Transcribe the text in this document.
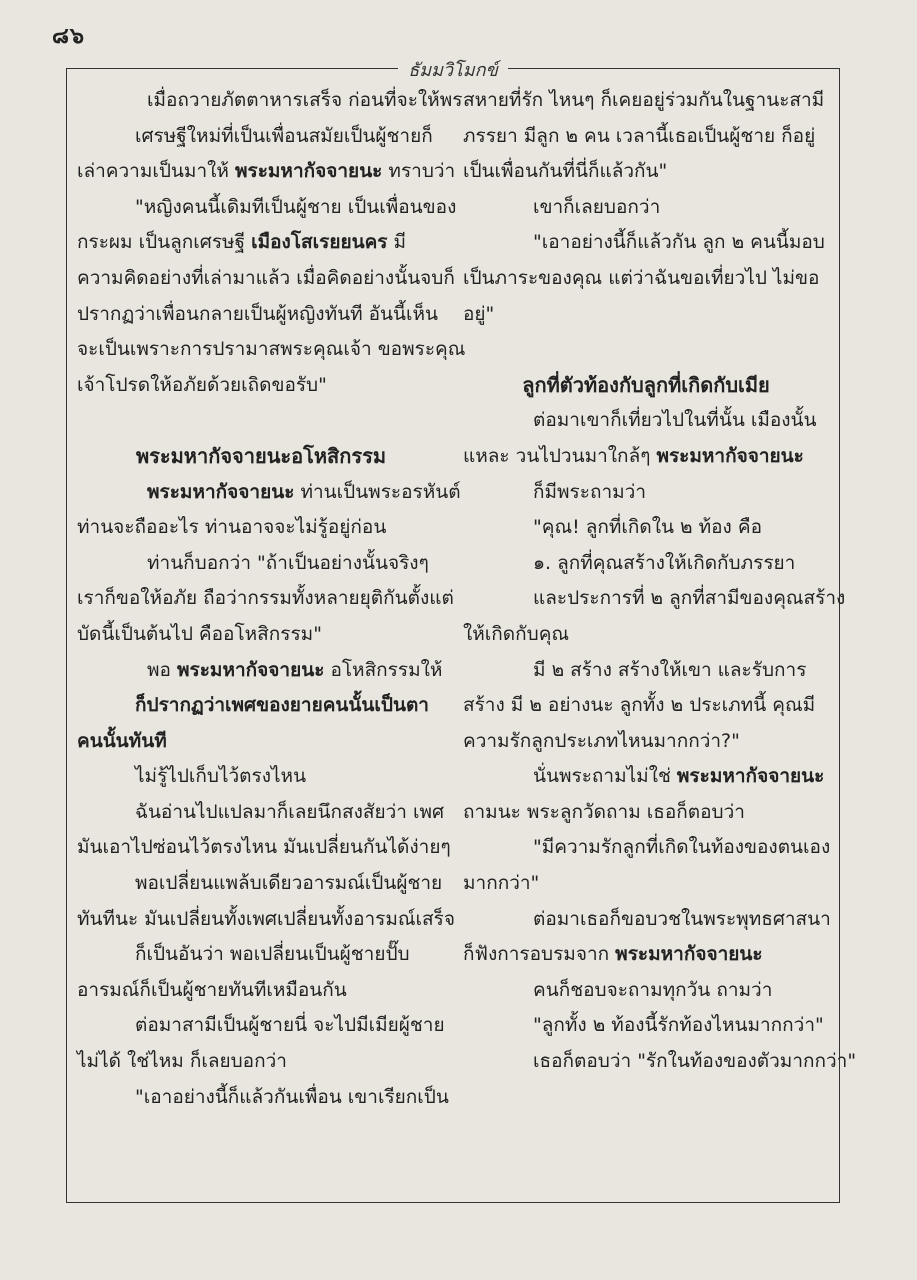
๘๖
ธัมมวิโมกข์
เมื่อถวายภัตตาหารเสร็จ ก่อนที่จะให้พร
เศรษฐีใหม่ที่เป็นเพื่อนสมัยเป็นผู้ชายก็
เล่าความเป็นมาให้ พระมหากัจจายนะ ทราบว่า
"หญิงคนนี้เดิมทีเป็นผู้ชาย เป็นเพื่อนของ
กระผม เป็นลูกเศรษฐี เมืองโสเรยยนคร มี
ความคิดอย่างที่เล่ามาแล้ว เมื่อคิดอย่างนั้นจบก็
ปรากฏว่าเพื่อนกลายเป็นผู้หญิงทันที อันนี้เห็น
จะเป็นเพราะการปรามาสพระคุณเจ้า ขอพระคุณ
เจ้าโปรดให้อภัยด้วยเถิดขอรับ"
พระมหากัจจายนะอโหสิกรรม
พระมหากัจจายนะ ท่านเป็นพระอรหันต์
ท่านจะถืออะไร ท่านอาจจะไม่รู้อยู่ก่อน
ท่านก็บอกว่า "ถ้าเป็นอย่างนั้นจริงๆ
เราก็ขอให้อภัย ถือว่ากรรมทั้งหลายยุติกันตั้งแต่
บัดนี้เป็นต้นไป คืออโหสิกรรม"
พอ พระมหากัจจายนะ อโหสิกรรมให้
ก็ปรากฏว่าเพศของยายคนนั้นเป็นตา
คนนั้นทันที
ไม่รู้ไปเก็บไว้ตรงไหน
ฉันอ่านไปแปลมาก็เลยนึกสงสัยว่า เพศ
มันเอาไปซ่อนไว้ตรงไหน มันเปลี่ยนกันได้ง่ายๆ
พอเปลี่ยนแพล้บเดียวอารมณ์เป็นผู้ชาย
ทันทีนะ มันเปลี่ยนทั้งเพศเปลี่ยนทั้งอารมณ์เสร็จ
ก็เป็นอันว่า พอเปลี่ยนเป็นผู้ชายปั๊บ
อารมณ์ก็เป็นผู้ชายทันทีเหมือนกัน
ต่อมาสามีเป็นผู้ชายนี่ จะไปมีเมียผู้ชาย
ไม่ได้ ใช่ไหม ก็เลยบอกว่า
"เอาอย่างนี้ก็แล้วกันเพื่อน เขาเรียกเป็น
สหายที่รัก ไหนๆ ก็เคยอยู่ร่วมกันในฐานะสามี
ภรรยา มีลูก ๒ คน เวลานี้เธอเป็นผู้ชาย ก็อยู่
เป็นเพื่อนกันที่นี่ก็แล้วกัน"
เขาก็เลยบอกว่า
"เอาอย่างนี้ก็แล้วกัน ลูก ๒ คนนี้มอบ
เป็นภาระของคุณ แต่ว่าฉันขอเที่ยวไป ไม่ขอ
อยู่"
ลูกที่ตัวท้องกับลูกที่เกิดกับเมีย
ต่อมาเขาก็เที่ยวไปในที่นั้น เมืองนั้น
แหละ วนไปวนมาใกล้ๆ พระมหากัจจายนะ
ก็มีพระถามว่า
"คุณ! ลูกที่เกิดใน ๒ ท้อง คือ
๑. ลูกที่คุณสร้างให้เกิดกับภรรยา
และประการที่ ๒ ลูกที่สามีของคุณสร้าง
ให้เกิดกับคุณ
มี ๒ สร้าง สร้างให้เขา และรับการ
สร้าง มี ๒ อย่างนะ ลูกทั้ง ๒ ประเภทนี้ คุณมี
ความรักลูกประเภทไหนมากกว่า?"
นั่นพระถามไม่ใช่ พระมหากัจจายนะ
ถามนะ พระลูกวัดถาม เธอก็ตอบว่า
"มีความรักลูกที่เกิดในท้องของตนเอง
มากกว่า"
ต่อมาเธอก็ขอบวชในพระพุทธศาสนา
ก็ฟังการอบรมจาก พระมหากัจจายนะ
คนก็ชอบจะถามทุกวัน ถามว่า
"ลูกทั้ง ๒ ท้องนี้รักท้องไหนมากกว่า"
เธอก็ตอบว่า "รักในท้องของตัวมากกว่า"
